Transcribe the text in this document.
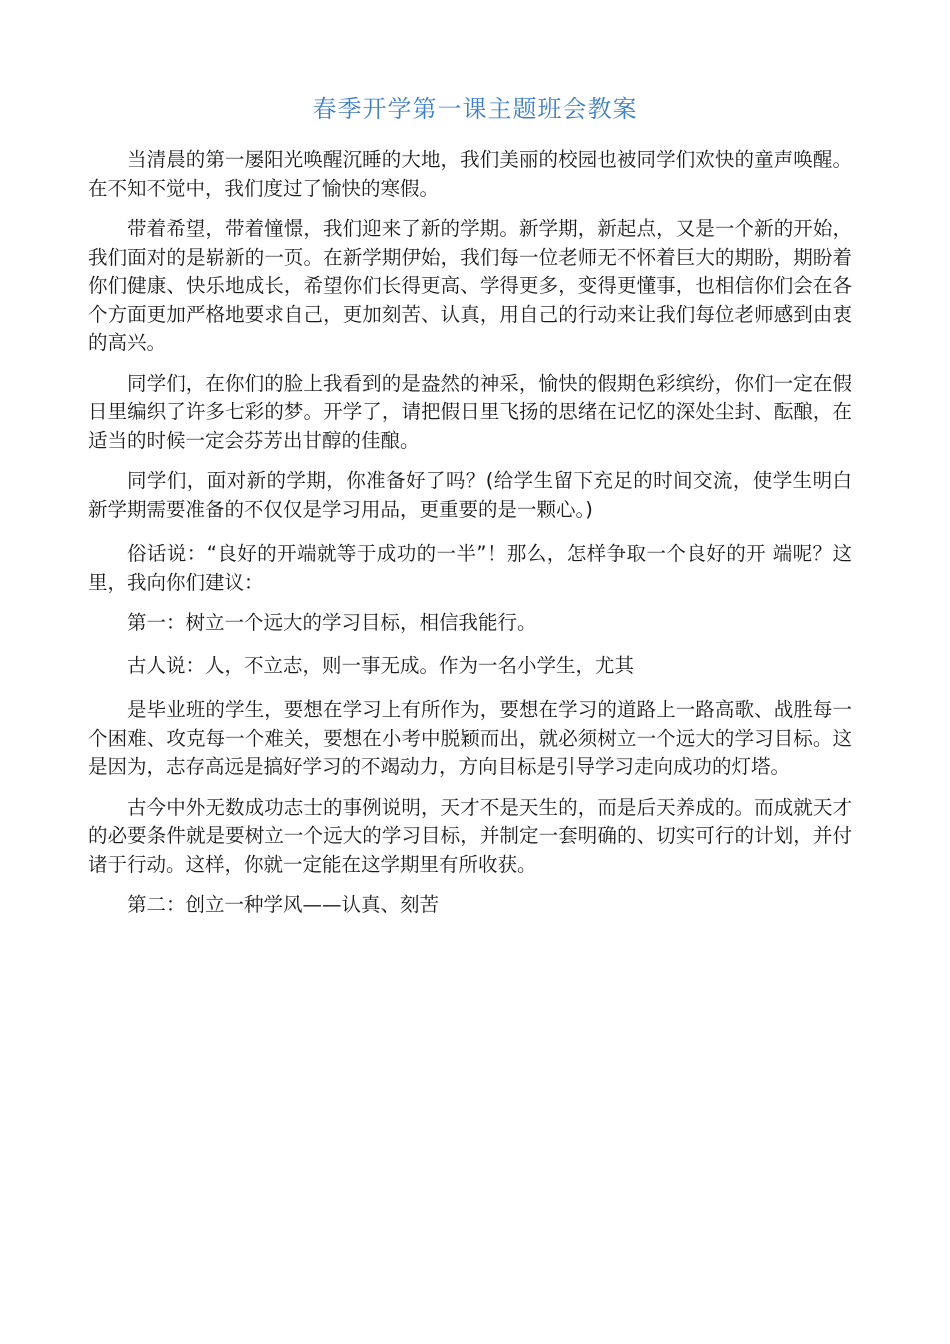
春季开学第一课主题班会教案

当清晨的第一屡阳光唤醒沉睡的大地，我们美丽的校园也被同学们欢快的童声唤醒。在不知不觉中，我们度过了愉快的寒假。

带着希望，带着憧憬，我们迎来了新的学期。新学期，新起点，又是一个新的开始，我们面对的是崭新的一页。在新学期伊始，我们每一位老师无不怀着巨大的期盼，期盼着你们健康、快乐地成长，希望你们长得更高、学得更多，变得更懂事，也相信你们会在各个方面更加严格地要求自己，更加刻苦、认真，用自己的行动来让我们每位老师感到由衷的高兴。

同学们，在你们的脸上我看到的是盎然的神采，愉快的假期色彩缤纷，你们一定在假日里编织了许多七彩的梦。开学了，请把假日里飞扬的思绪在记忆的深处尘封、酝酿，在适当的时候一定会芬芳出甘醇的佳酿。

同学们，面对新的学期，你准备好了吗？(给学生留下充足的时间交流，使学生明白新学期需要准备的不仅仅是学习用品，更重要的是一颗心。)

俗话说：“良好的开端就等于成功的一半”！那么，怎样争取一个良好的开 端呢？这里，我向你们建议：

第一：树立一个远大的学习目标，相信我能行。

古人说：人，不立志，则一事无成。作为一名小学生，尤其

是毕业班的学生，要想在学习上有所作为，要想在学习的道路上一路高歌、战胜每一个困难、攻克每一个难关，要想在小考中脱颖而出，就必须树立一个远大的学习目标。这是因为，志存高远是搞好学习的不竭动力，方向目标是引导学习走向成功的灯塔。

古今中外无数成功志士的事例说明，天才不是天生的，而是后天养成的。而成就天才的必要条件就是要树立一个远大的学习目标，并制定一套明确的、切实可行的计划，并付诸于行动。这样，你就一定能在这学期里有所收获。

第二：创立一种学风——认真、刻苦
